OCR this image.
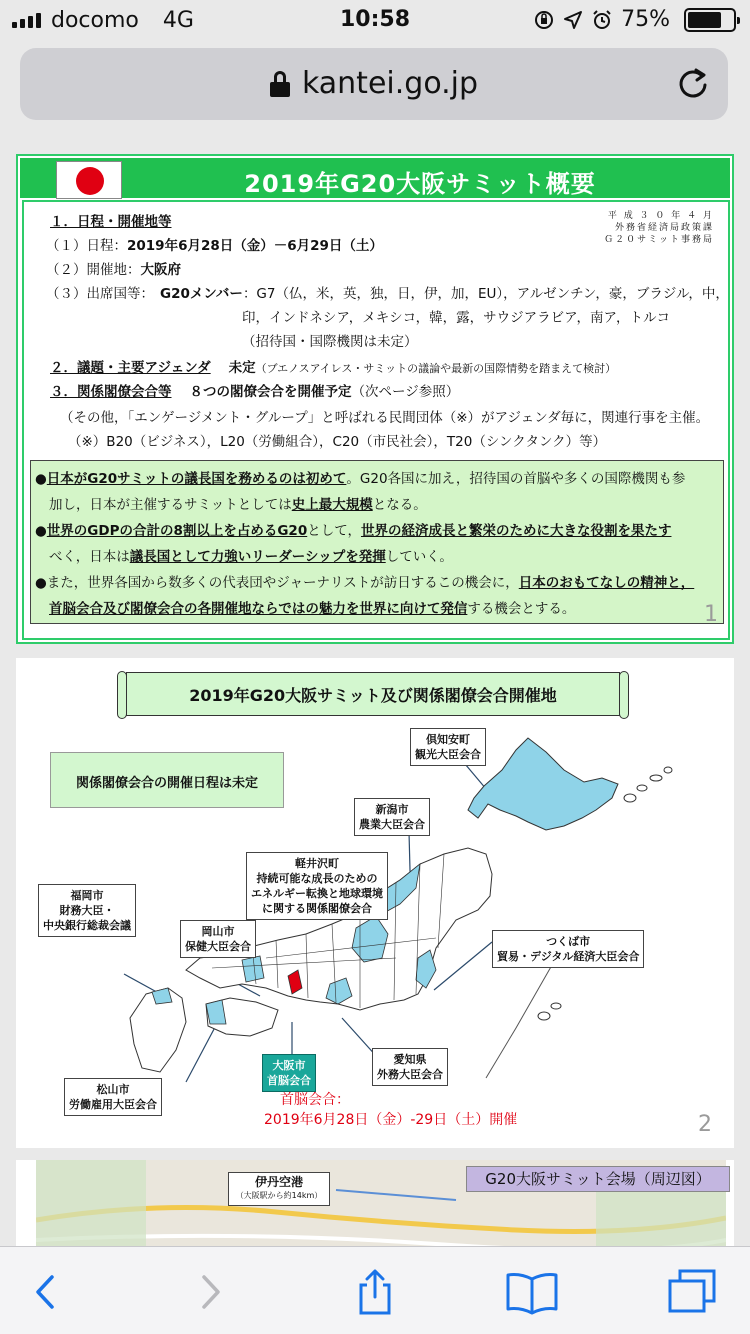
docomo 4G	10:58	75%
kantei.go.jp
2019年G20大阪サミット概要
平 成 ３ ０ 年 ４ 月
外務省経済局政策課
Ｇ２０サミット事務局
１．日程・開催地等
（１）日程：2019年6月28日（金）－6月29日（土）
（２）開催地：大阪府
（３）出席国等： G20メンバー：G7（仏，米，英，独，日，伊，加，EU），アルゼンチン，豪，ブラジル，中，
印，インドネシア，メキシコ，韓，露，サウジアラビア，南ア，トルコ
（招待国・国際機関は未定）
２．議題・主要アジェンダ 未定（ブエノスアイレス・サミットの議論や最新の国際情勢を踏まえて検討）
３．関係閣僚会合等 ８つの閣僚会合を開催予定（次ページ参照）
（その他，「エンゲージメント・グループ」と呼ばれる民間団体（※）がアジェンダ毎に，関連行事を主催。
（※）B20（ビジネス），L20（労働組合），C20（市民社会），T20（シンクタンク）等）
●日本がG20サミットの議長国を務めるのは初めて。G20各国に加え，招待国の首脳や多くの国際機関も参
加し，日本が主催するサミットとしては史上最大規模となる。
●世界のGDPの合計の8割以上を占めるG20として，世界の経済成長と繁栄のために大きな役割を果たす
べく，日本は議長国として力強いリーダーシップを発揮していく。
●また，世界各国から数多くの代表団やジャーナリストが訪日するこの機会に，日本のおもてなしの精神と，
首脳会合及び閣僚会合の各開催地ならではの魅力を世界に向けて発信する機会とする。	1
2019年G20大阪サミット及び関係閣僚会合開催地
関係閣僚会合の開催日程は未定
倶知安町
観光大臣会合
新潟市
農業大臣会合
軽井沢町
持続可能な成長のための
エネルギー転換と地球環境
に関する関係閣僚会合
福岡市
財務大臣・
中央銀行総裁会議	岡山市
保健大臣会合	つくば市
貿易・デジタル経済大臣会合
大阪市
首脳会合
愛知県
外務大臣会合
松山市
労働雇用大臣会合	首脳会合：
2019年6月28日（金）-29日（土）開催	2
伊丹空港
（大阪駅から約14km）
G20大阪サミット会場（周辺図）
